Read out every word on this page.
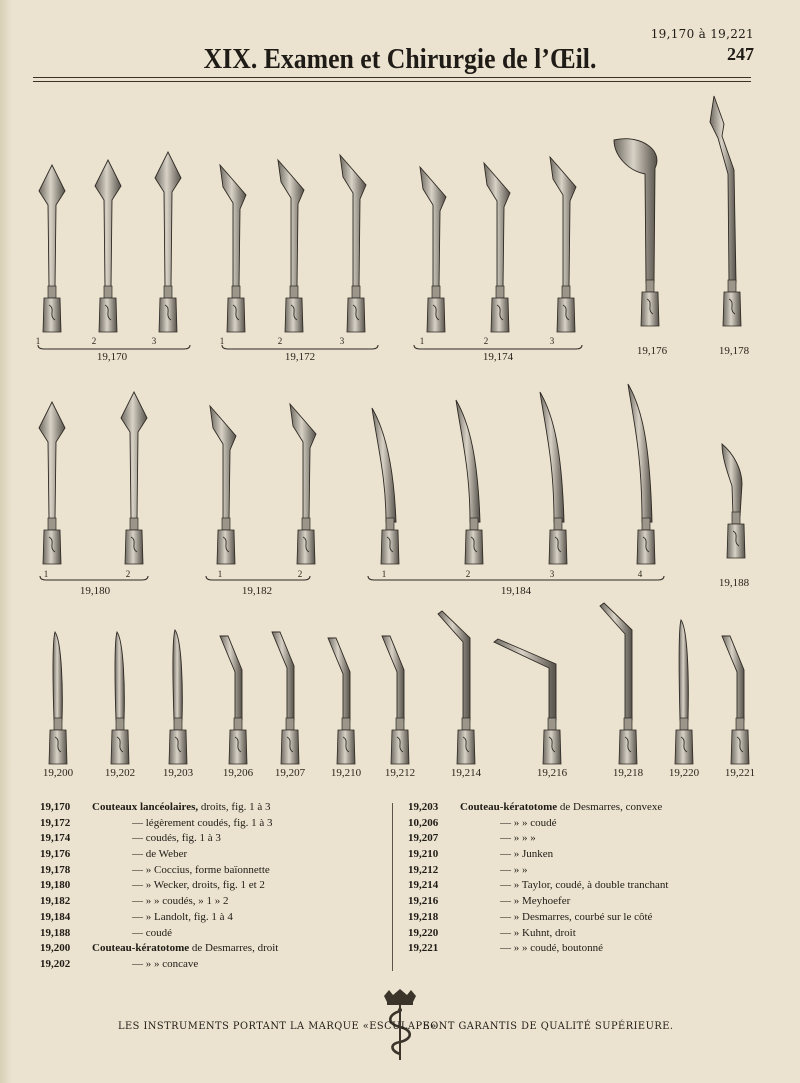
19,170 à 19,221
XIX. Examen et Chirurgie de l’Œil.	247
1	2	3
19,170
1	2	3
19,172
1	2	3
19,174	19,176	19,178
1	2
19,180
1	2
19,182
1	2	3	4
19,184
19,188
19,200	19,202	19,203	19,206 19,207 19,210 19,212	19,214	19,216	19,218 19,220 19,221
19,170 Couteaux lancéolaires, droits, fig. 1 à 3
19,172	— légèrement coudés, fig. 1 à 3
19,174	— coudés, fig. 1 à 3
19,176	— de Weber
19,178	— » Coccius, forme baïonnette
19,180	— » Wecker, droits, fig. 1 et 2
19,182	— » » coudés, » 1 » 2
19,184	— » Landolt, fig. 1 à 4
19,188	— coudé
19,200 Couteau-kératotome de Desmarres, droit
19,202	— » » concave
19,203 Couteau-kératotome de Desmarres, convexe
10,206	— » » coudé
19,207	— » » »
19,210	— » Junken
19,212	— » »
19,214	— » Taylor, coudé, à double tranchant
19,216	— » Meyhoefer
19,218	— » Desmarres, courbé sur le côté
19,220	— » Kuhnt, droit
19,221	— » » coudé, boutonné
LES INSTRUMENTS PORTANT LA MARQUE «ESCULAPE»
SONT GARANTIS DE QUALITÉ SUPÉRIEURE.
